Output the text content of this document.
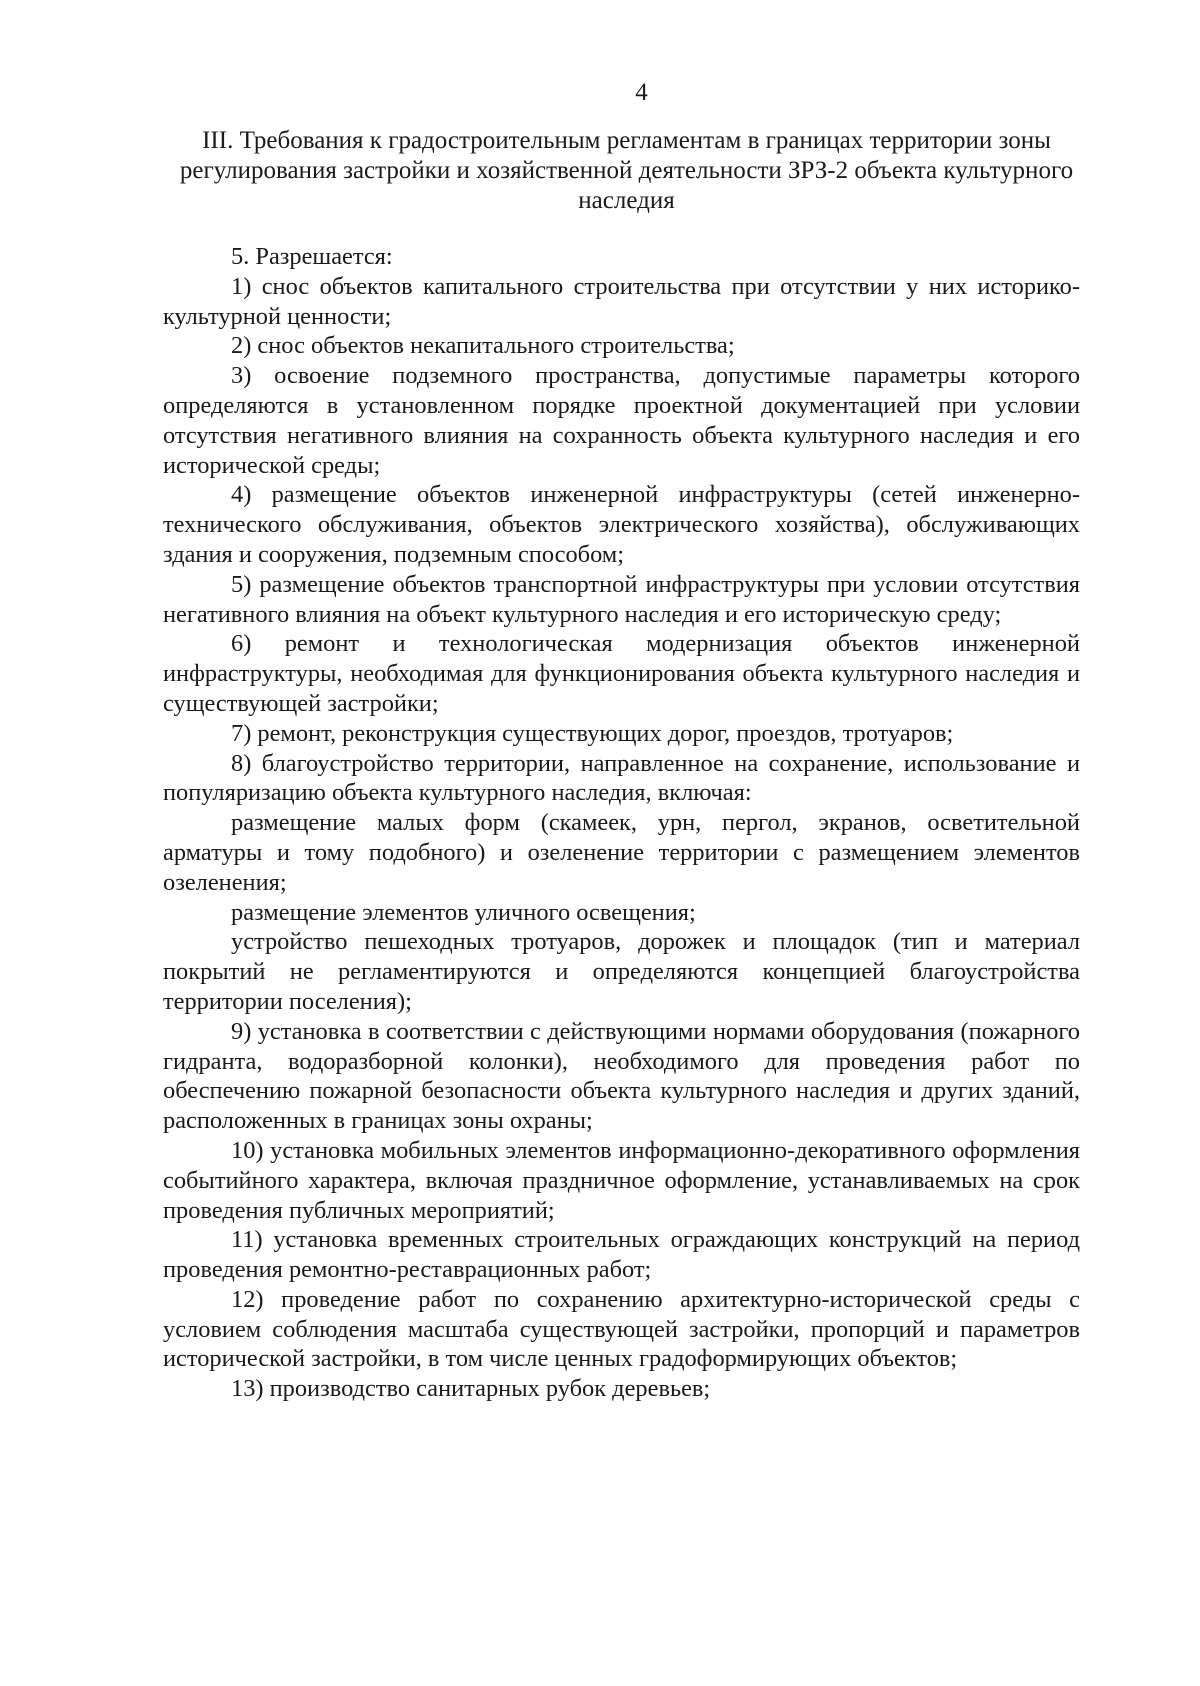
4
III. Требования к градостроительным регламентам в границах территории зоны регулирования застройки и хозяйственной деятельности ЗРЗ-2 объекта культурного наследия

5. Разрешается:

1) снос объектов капитального строительства при отсутствии у них историко-культурной ценности;

2) снос объектов некапитального строительства;

3) освоение подземного пространства, допустимые параметры которого определяются в установленном порядке проектной документацией при условии отсутствия негативного влияния на сохранность объекта культурного наследия и его исторической среды;

4) размещение объектов инженерной инфраструктуры (сетей инженерно-технического обслуживания, объектов электрического хозяйства), обслуживающих здания и сооружения, подземным способом;

5) размещение объектов транспортной инфраструктуры при условии отсутствия негативного влияния на объект культурного наследия и его историческую среду;

6) ремонт и технологическая модернизация объектов инженерной инфраструктуры, необходимая для функционирования объекта культурного наследия и существующей застройки;

7) ремонт, реконструкция существующих дорог, проездов, тротуаров;

8) благоустройство территории, направленное на сохранение, использование и популяризацию объекта культурного наследия, включая:

размещение малых форм (скамеек, урн, пергол, экранов, осветительной арматуры и тому подобного) и озеленение территории с размещением элементов озеленения;

размещение элементов уличного освещения;

устройство пешеходных тротуаров, дорожек и площадок (тип и материал покрытий не регламентируются и определяются концепцией благоустройства территории поселения);

9) установка в соответствии с действующими нормами оборудования (пожарного гидранта, водоразборной колонки), необходимого для проведения работ по обеспечению пожарной безопасности объекта культурного наследия и других зданий, расположенных в границах зоны охраны;

10) установка мобильных элементов информационно-декоративного оформления событийного характера, включая праздничное оформление, устанавливаемых на срок проведения публичных мероприятий;

11) установка временных строительных ограждающих конструкций на период проведения ремонтно-реставрационных работ;

12) проведение работ по сохранению архитектурно-исторической среды с условием соблюдения масштаба существующей застройки, пропорций и параметров исторической застройки, в том числе ценных градоформирующих объектов;

13) производство санитарных рубок деревьев;
